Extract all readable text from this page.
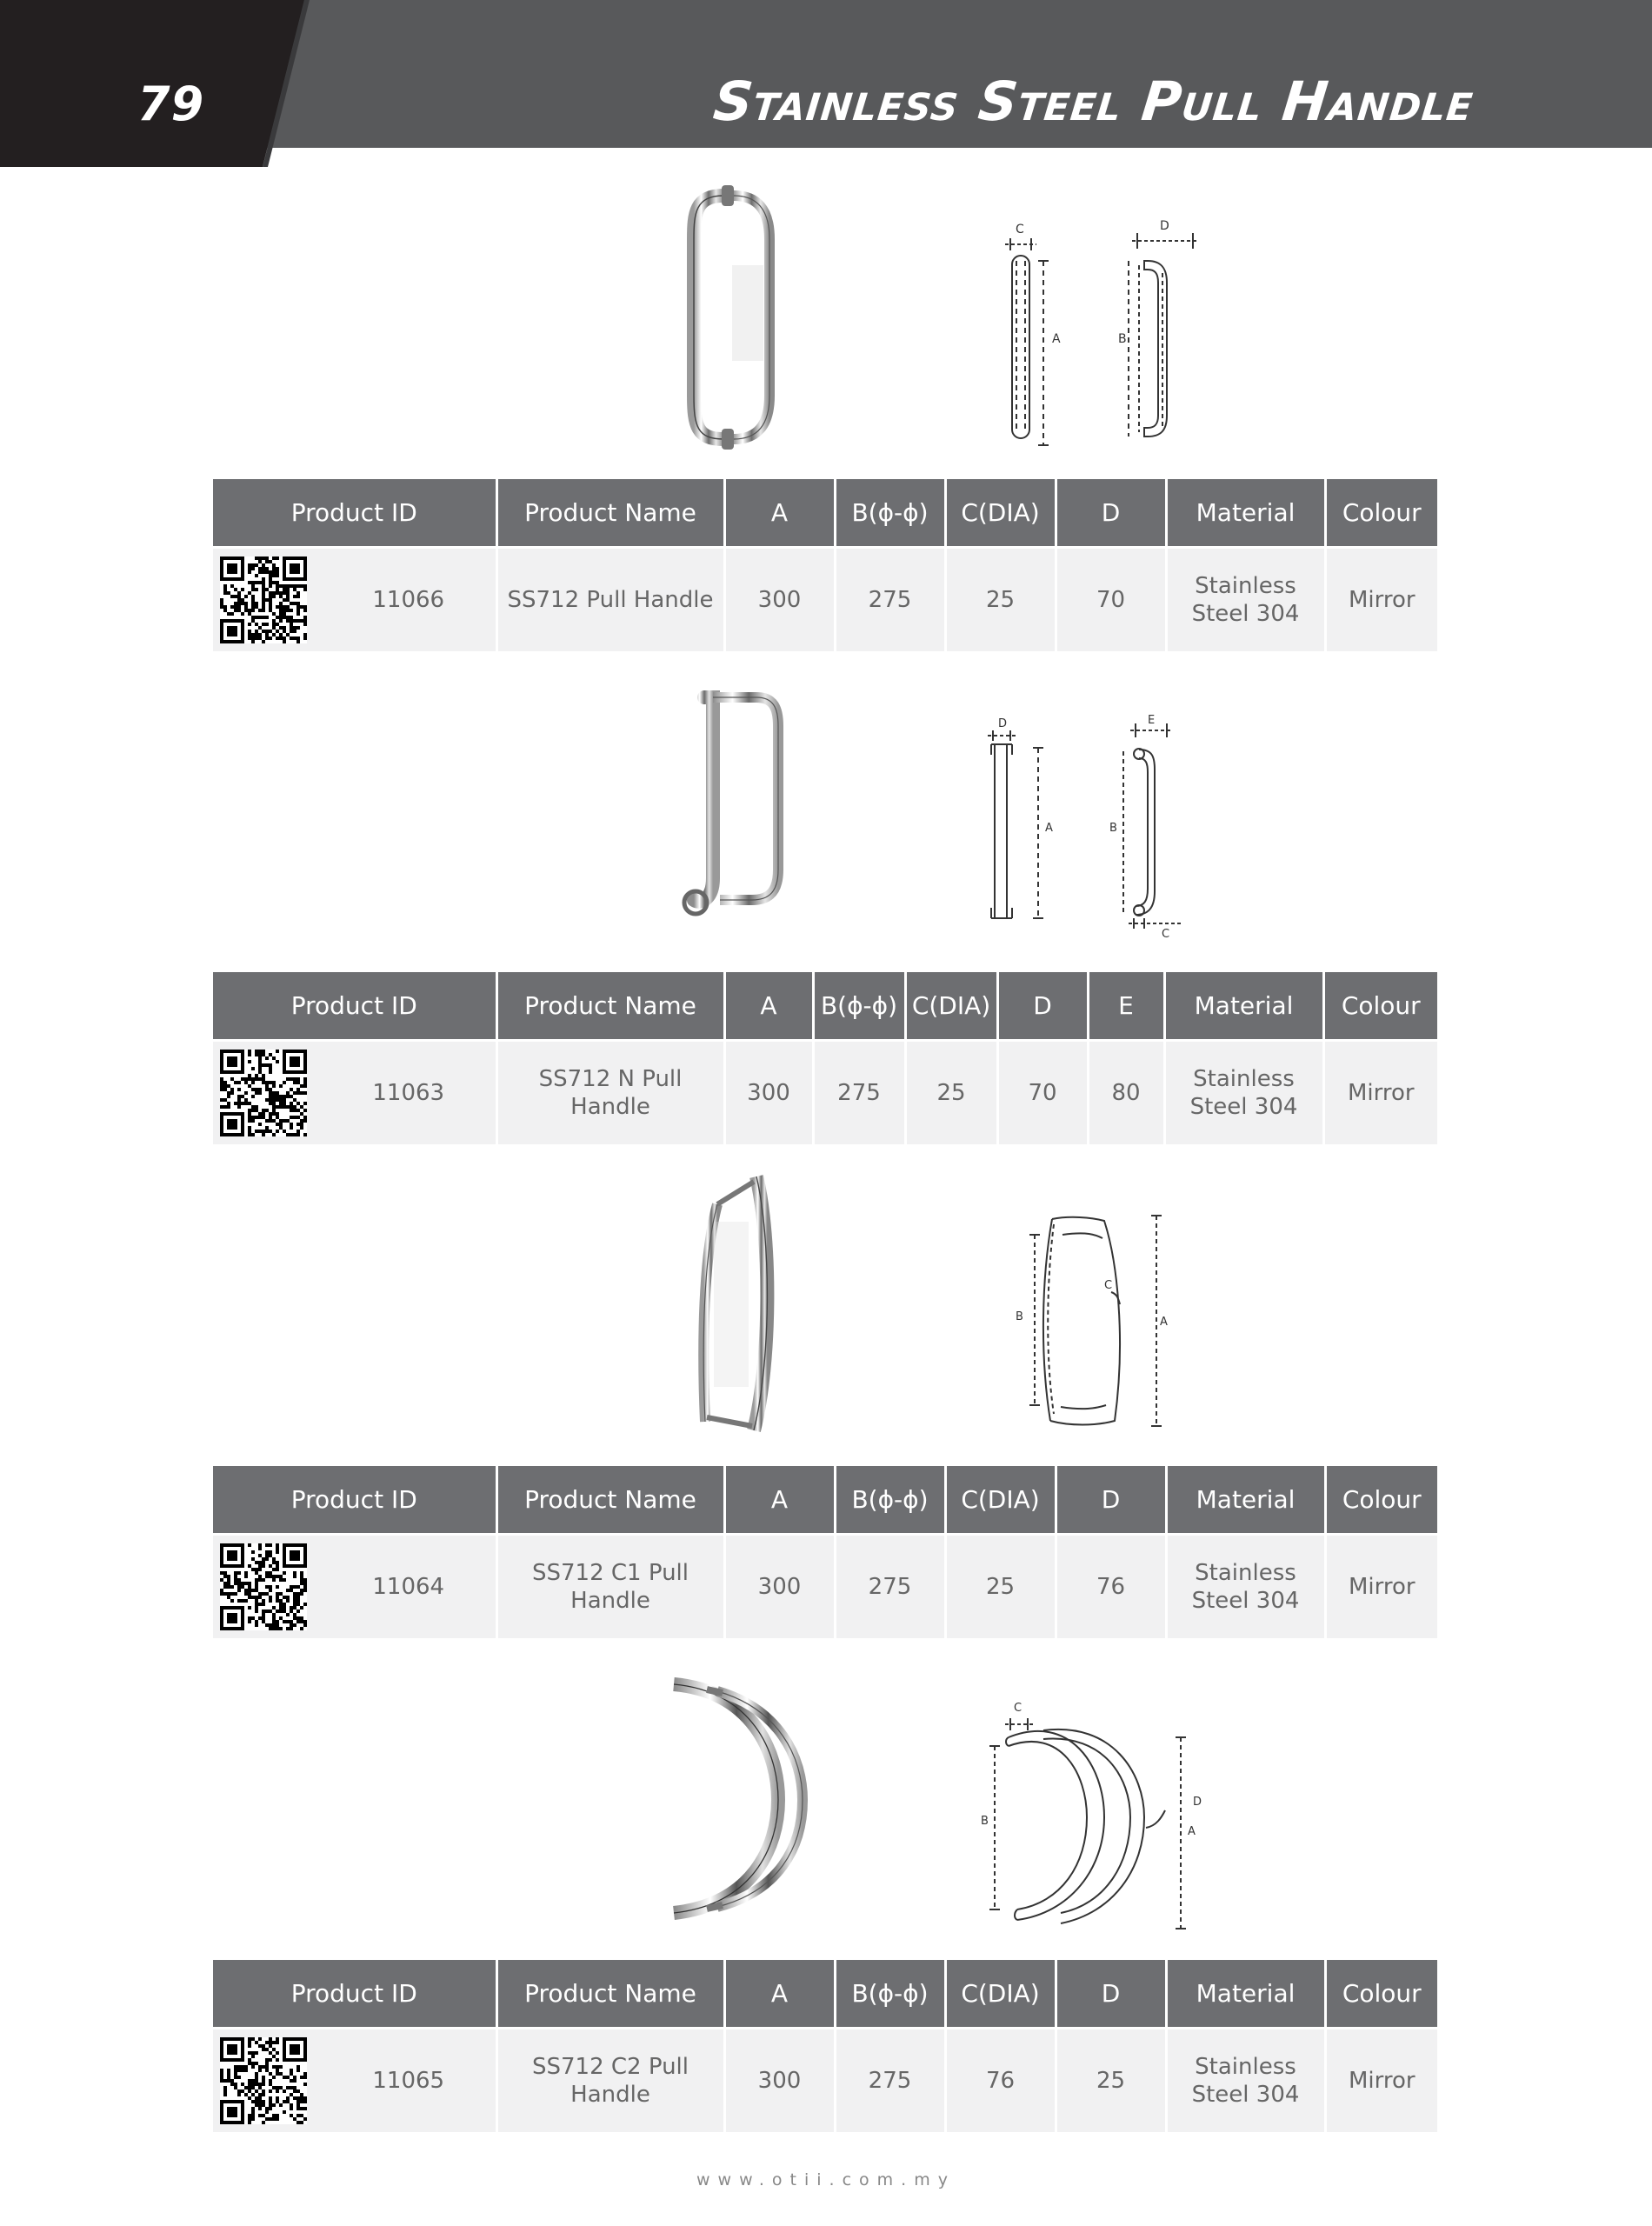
79	Stainless Steel Pull Handle
C
A	B
D
Product ID	Product Name	A	B(ϕ-ϕ)	C(DIA)	D	Material	Colour

11066	SS712 Pull Handle	300	275	25	70	Stainless Steel 304	Mirror
D
A
E
B
C
Product ID	Product Name	A	B(ϕ-ϕ)	C(DIA)	D	E	Material	Colour

11063	SS712 N Pull Handle	300	275	25	70	80	Stainless Steel 304	Mirror
B
C
A
Product ID	Product Name	A	B(ϕ-ϕ)	C(DIA)	D	Material	Colour

11064	SS712 C1 Pull Handle	300	275	25	76	Stainless Steel 304	Mirror
C
B
D
A
Product ID	Product Name	A	B(ϕ-ϕ)	C(DIA)	D	Material	Colour

11065	SS712 C2 Pull Handle	300	275	76	25	Stainless Steel 304	Mirror
www.otii.com.my
